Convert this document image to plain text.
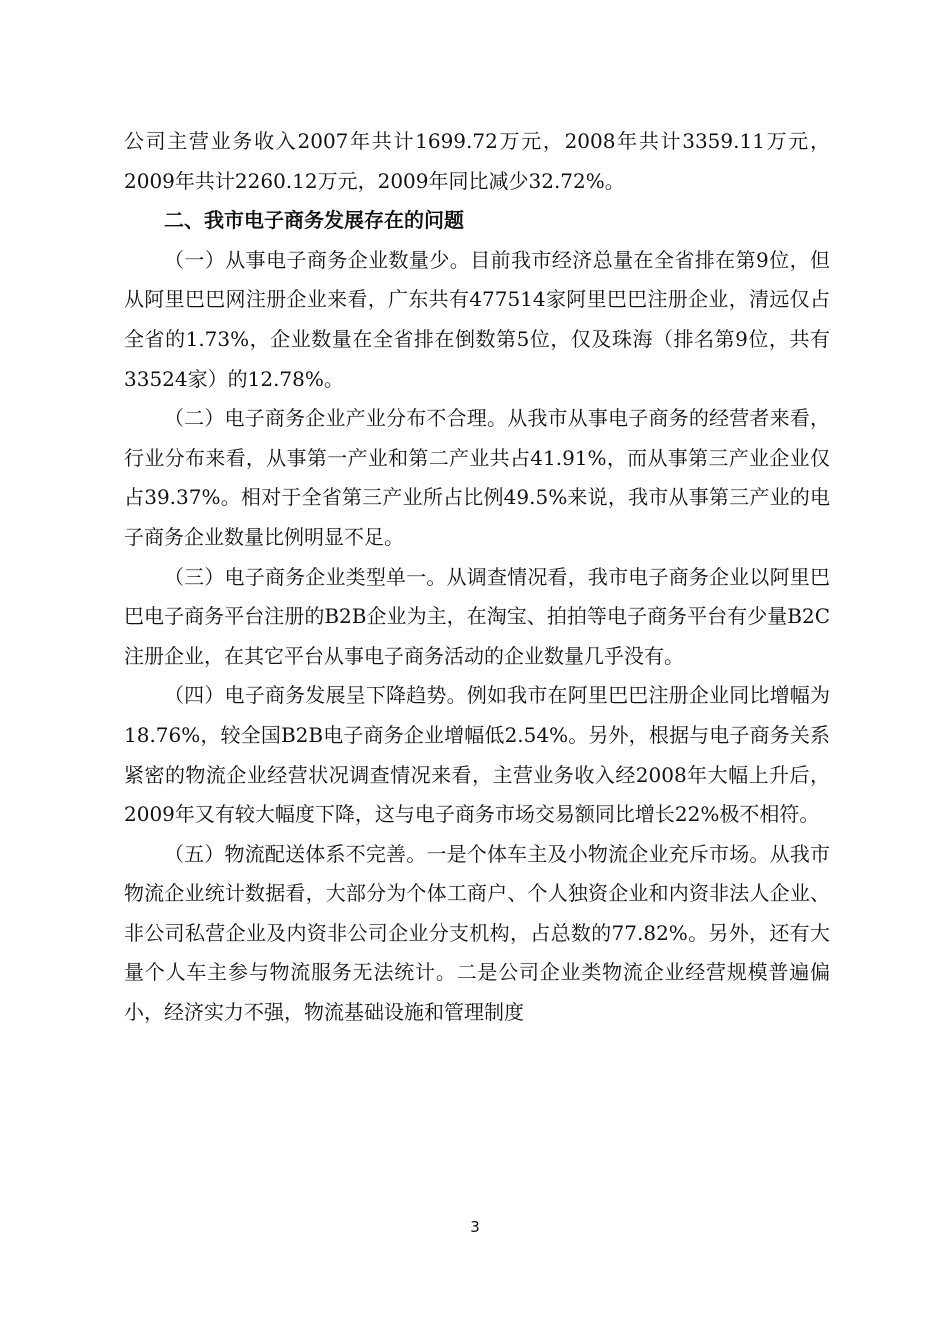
公司主营业务收入2007年共计1699.72万元，2008年共计3359.11万元，2009年共计2260.12万元，2009年同比减少32.72%。

二、我市电子商务发展存在的问题

（一）从事电子商务企业数量少。目前我市经济总量在全省排在第9位，但从阿里巴巴网注册企业来看，广东共有477514家阿里巴巴注册企业，清远仅占全省的1.73%，企业数量在全省排在倒数第5位，仅及珠海（排名第9位，共有33524家）的12.78%。

（二）电子商务企业产业分布不合理。从我市从事电子商务的经营者来看，行业分布来看，从事第一产业和第二产业共占41.91%，而从事第三产业企业仅占39.37%。相对于全省第三产业所占比例49.5%来说，我市从事第三产业的电子商务企业数量比例明显不足。

（三）电子商务企业类型单一。从调查情况看，我市电子商务企业以阿里巴巴电子商务平台注册的B2B企业为主，在淘宝、拍拍等电子商务平台有少量B2C注册企业，在其它平台从事电子商务活动的企业数量几乎没有。

（四）电子商务发展呈下降趋势。例如我市在阿里巴巴注册企业同比增幅为18.76%，较全国B2B电子商务企业增幅低2.54%。另外，根据与电子商务关系紧密的物流企业经营状况调查情况来看，主营业务收入经2008年大幅上升后，2009年又有较大幅度下降，这与电子商务市场交易额同比增长22%极不相符。

（五）物流配送体系不完善。一是个体车主及小物流企业充斥市场。从我市物流企业统计数据看，大部分为个体工商户、个人独资企业和内资非法人企业、非公司私营企业及内资非公司企业分支机构，占总数的77.82%。另外，还有大量个人车主参与物流服务无法统计。二是公司企业类物流企业经营规模普遍偏小，经济实力不强，物流基础设施和管理制度

3
